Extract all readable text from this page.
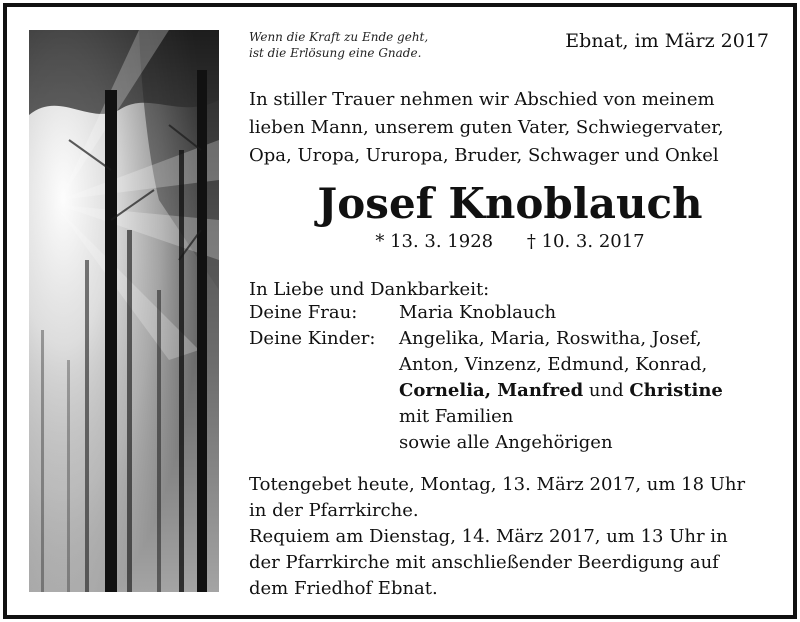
Wenn die Kraft zu Ende geht,
ist die Erlösung eine Gnade.
Ebnat, im März 2017
In stiller Trauer nehmen wir Abschied von meinem
lieben Mann, unserem guten Vater, Schwiegervater,
Opa, Uropa, Ururopa, Bruder, Schwager und Onkel
Josef Knoblauch
* 13. 3. 1928 † 10. 3. 2017
In Liebe und Dankbarkeit:
Deine Frau: Maria Knoblauch
Deine Kinder: Angelika, Maria, Roswitha, Josef,
Anton, Vinzenz, Edmund, Konrad,
Cornelia, Manfred und Christine
mit Familien
sowie alle Angehörigen

Totengebet heute, Montag, 13. März 2017, um 18 Uhr

in der Pfarrkirche.

Requiem am Dienstag, 14. März 2017, um 13 Uhr in

der Pfarrkirche mit anschließender Beerdigung auf

dem Friedhof Ebnat.
